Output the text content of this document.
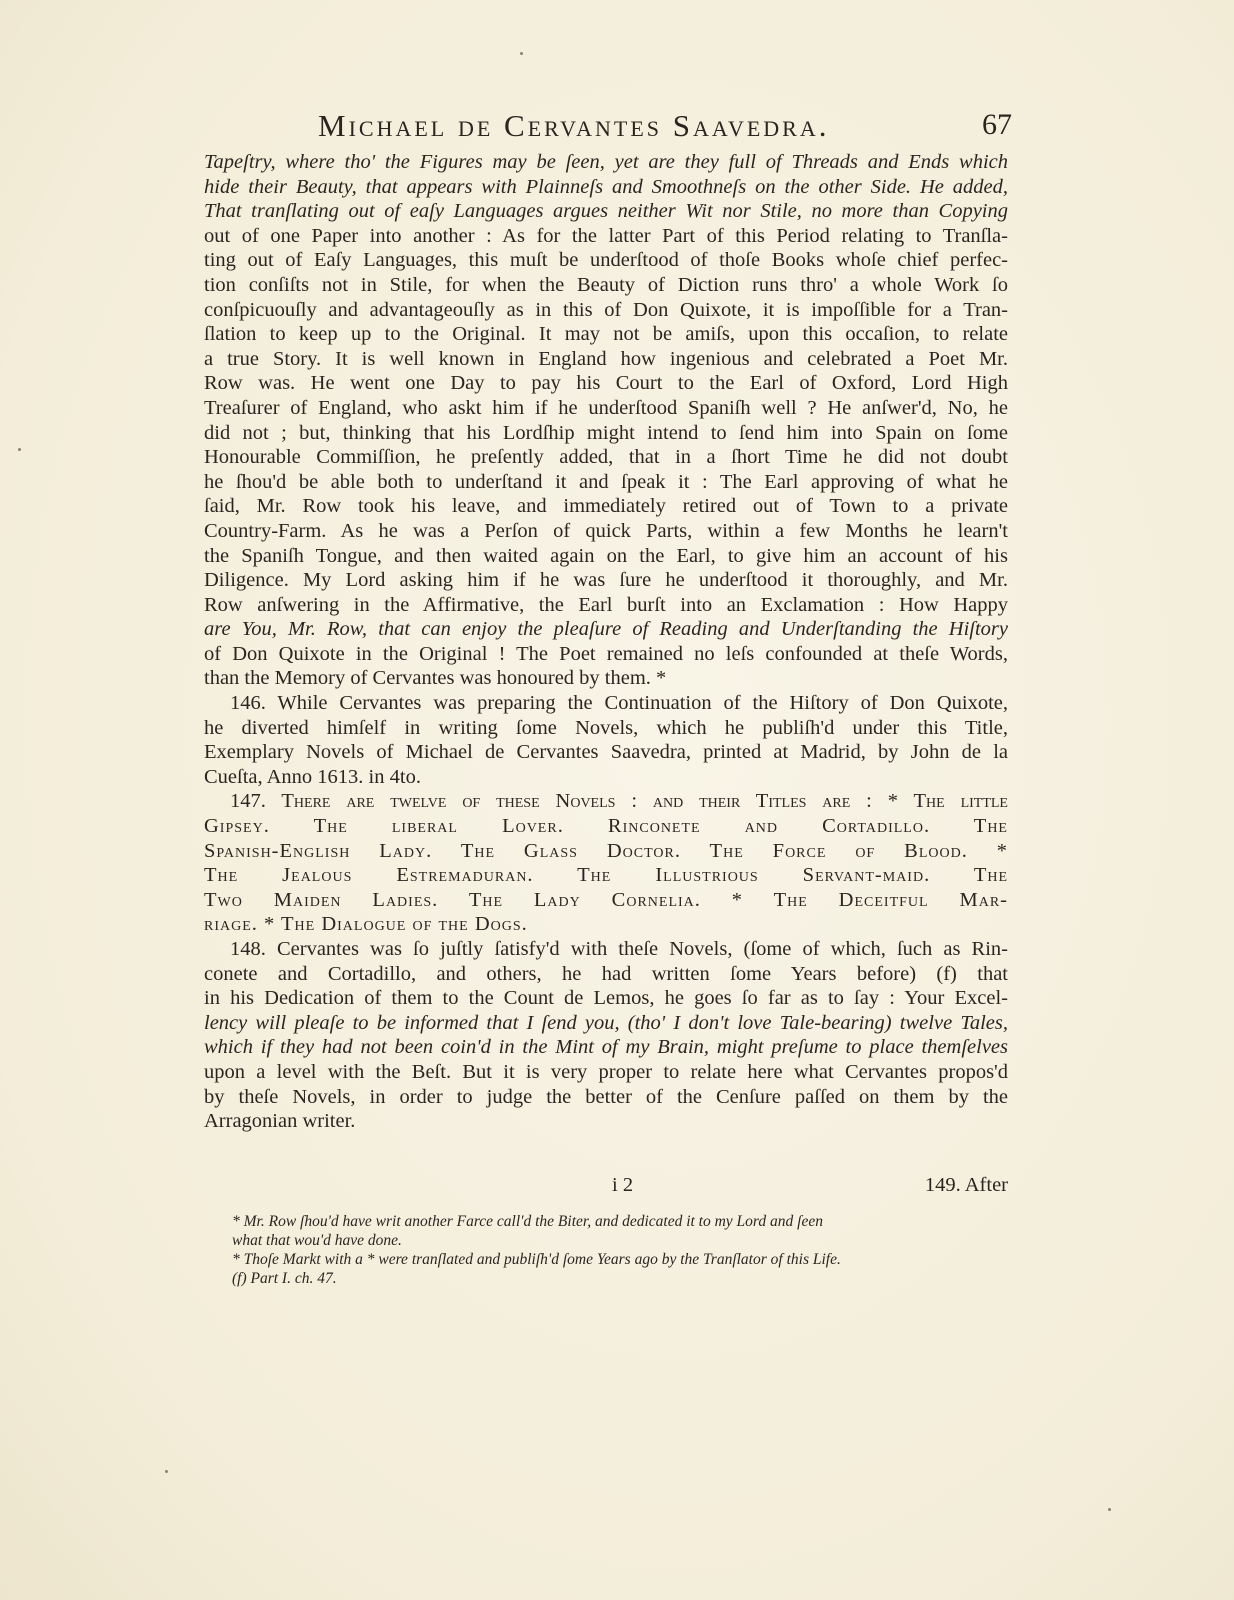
Michael de Cervantes Saavedra.	67
Tapeſtry, where tho' the Figures may be ſeen, yet are they full of Threads and Ends which
hide their Beauty, that appears with Plainneſs and Smoothneſs on the other Side. He added,
That tranſlating out of eaſy Languages argues neither Wit nor Stile, no more than Copying
out of one Paper into another : As for the latter Part of this Period relating to Tranſla-
ting out of Eaſy Languages, this muſt be underſtood of thoſe Books whoſe chief perfec-
tion conſiſts not in Stile, for when the Beauty of Diction runs thro' a whole Work ſo
conſpicuouſly and advantageouſly as in this of Don Quixote, it is impoſſible for a Tran-
ſlation to keep up to the Original. It may not be amiſs, upon this occaſion, to relate
a true Story. It is well known in England how ingenious and celebrated a Poet Mr.
Row was. He went one Day to pay his Court to the Earl of Oxford, Lord High
Treaſurer of England, who askt him if he underſtood Spaniſh well ? He anſwer'd, No, he
did not ; but, thinking that his Lordſhip might intend to ſend him into Spain on ſome
Honourable Commiſſion, he preſently added, that in a ſhort Time he did not doubt
he ſhou'd be able both to underſtand it and ſpeak it : The Earl approving of what he
ſaid, Mr. Row took his leave, and immediately retired out of Town to a private
Country-Farm. As he was a Perſon of quick Parts, within a few Months he learn't
the Spaniſh Tongue, and then waited again on the Earl, to give him an account of his
Diligence. My Lord asking him if he was ſure he underſtood it thoroughly, and Mr.
Row anſwering in the Affirmative, the Earl burſt into an Exclamation : How Happy
are You, Mr. Row, that can enjoy the pleaſure of Reading and Underſtanding the Hiſtory
of Don Quixote in the Original ! The Poet remained no leſs confounded at theſe Words,
than the Memory of Cervantes was honoured by them. *
146. While Cervantes was preparing the Continuation of the Hiſtory of Don Quixote,
he diverted himſelf in writing ſome Novels, which he publiſh'd under this Title,
Exemplary Novels of Michael de Cervantes Saavedra, printed at Madrid, by John de la
Cueſta, Anno 1613. in 4to.
147. There are twelve of theſe Novels : and their Titles are : * The little
Gipsey. The liberal Lover. Rinconete and Cortadillo. The
Spanish-English Lady. The Glass Doctor. The Force of Blood. *
The Jealous Estremaduran. The Illustrious Servant-maid. The
Two Maiden Ladies. The Lady Cornelia. * The Deceitful Mar-
riage. * The Dialogue of the Dogs.
148. Cervantes was ſo juſtly ſatisfy'd with theſe Novels, (ſome of which, ſuch as Rin-
conete and Cortadillo, and others, he had written ſome Years before) (f) that
in his Dedication of them to the Count de Lemos, he goes ſo far as to ſay : Your Excel-
lency will pleaſe to be informed that I ſend you, (tho' I don't love Tale-bearing) twelve Tales,
which if they had not been coin'd in the Mint of my Brain, might preſume to place themſelves
upon a level with the Beſt. But it is very proper to relate here what Cervantes propos'd
by theſe Novels, in order to judge the better of the Cenſure paſſed on them by the
Arragonian writer.
i 2	149. After
* Mr. Row ſhou'd have writ another Farce call'd the Biter, and dedicated it to my Lord and ſeen
what that wou'd have done.
* Thoſe Markt with a * were tranſlated and publiſh'd ſome Years ago by the Tranſlator of this Life.
(f) Part I. ch. 47.
